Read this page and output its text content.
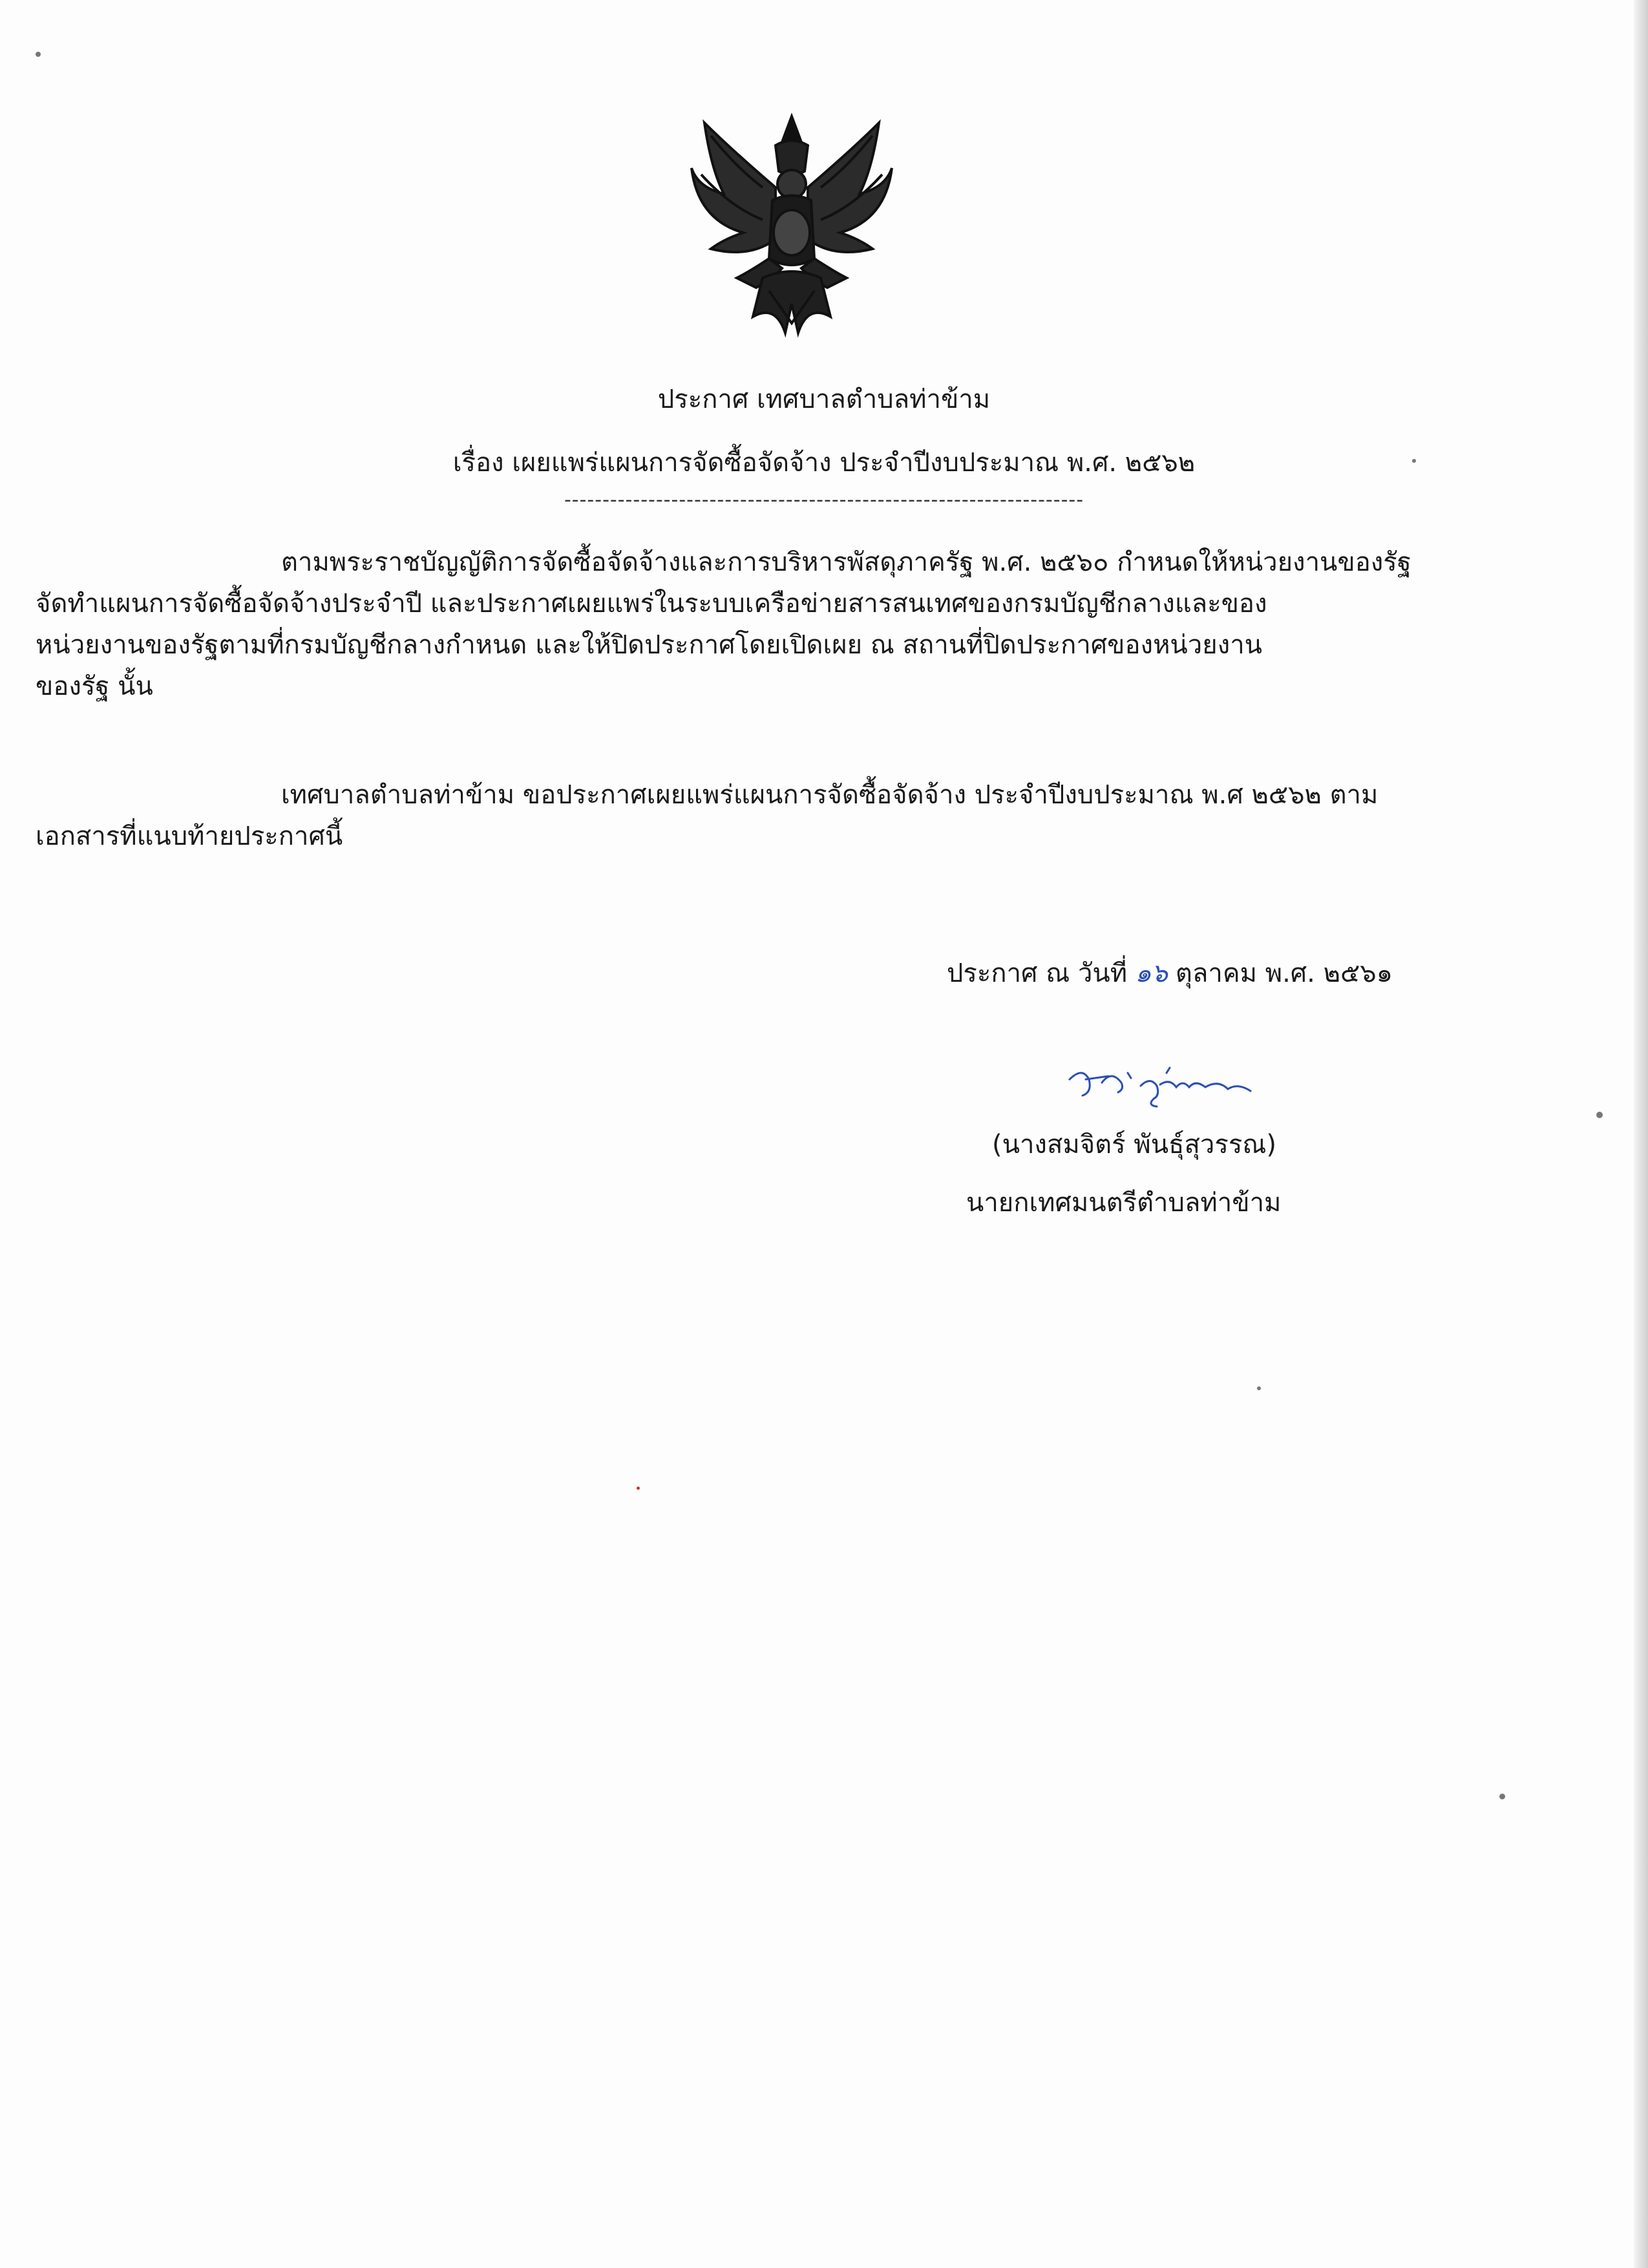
ประกาศ เทศบาลตำบลท่าข้าม
เรื่อง เผยแพร่แผนการจัดซื้อจัดจ้าง ประจำปีงบประมาณ พ.ศ. ๒๕๖๒
--------------------------------------------------------------------
ตามพระราชบัญญัติการจัดซื้อจัดจ้างและการบริหารพัสดุภาครัฐ พ.ศ. ๒๕๖๐ กำหนดให้หน่วยงานของรัฐ
จัดทำแผนการจัดซื้อจัดจ้างประจำปี และประกาศเผยแพร่ในระบบเครือข่ายสารสนเทศของกรมบัญชีกลางและของ
หน่วยงานของรัฐตามที่กรมบัญชีกลางกำหนด และให้ปิดประกาศโดยเปิดเผย ณ สถานที่ปิดประกาศของหน่วยงาน
ของรัฐ นั้น
เทศบาลตำบลท่าข้าม ขอประกาศเผยแพร่แผนการจัดซื้อจัดจ้าง ประจำปีงบประมาณ พ.ศ ๒๕๖๒ ตาม
เอกสารที่แนบท้ายประกาศนี้
ประกาศ ณ วันที่ ๑๖ ตุลาคม พ.ศ. ๒๕๖๑
(นางสมจิตร์ พันธุ์สุวรรณ)
นายกเทศมนตรีตำบลท่าข้าม
